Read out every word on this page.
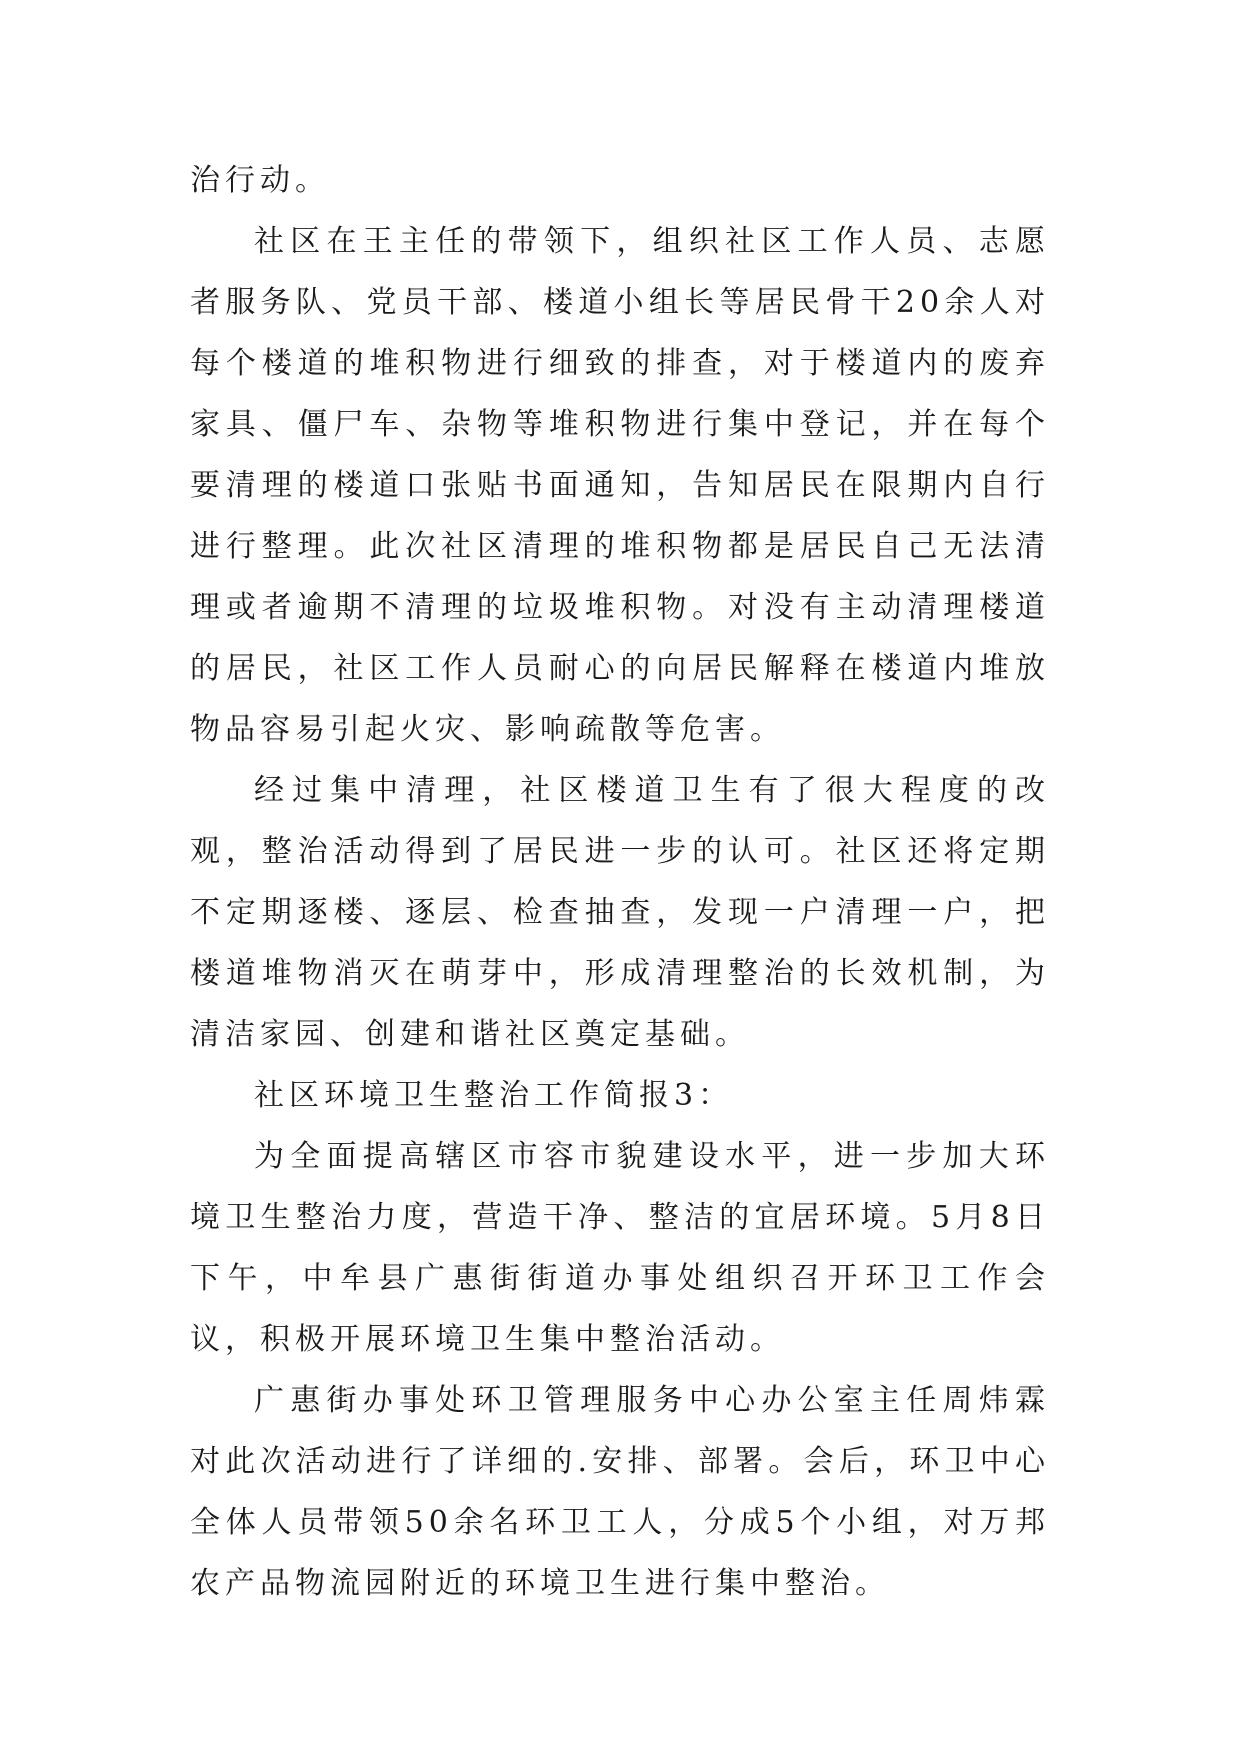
治行动。

社区在王主任的带领下，组织社区工作人员、志愿者服务队、党员干部、楼道小组长等居民骨干20余人对每个楼道的堆积物进行细致的排查，对于楼道内的废弃家具、僵尸车、杂物等堆积物进行集中登记，并在每个要清理的楼道口张贴书面通知，告知居民在限期内自行进行整理。此次社区清理的堆积物都是居民自己无法清理或者逾期不清理的垃圾堆积物。对没有主动清理楼道的居民，社区工作人员耐心的向居民解释在楼道内堆放物品容易引起火灾、影响疏散等危害。

经过集中清理，社区楼道卫生有了很大程度的改观，整治活动得到了居民进一步的认可。社区还将定期不定期逐楼、逐层、检查抽查，发现一户清理一户，把楼道堆物消灭在萌芽中，形成清理整治的长效机制，为清洁家园、创建和谐社区奠定基础。

社区环境卫生整治工作简报3：

为全面提高辖区市容市貌建设水平，进一步加大环境卫生整治力度，营造干净、整洁的宜居环境。5月8日下午，中牟县广惠街街道办事处组织召开环卫工作会议，积极开展环境卫生集中整治活动。

广惠街办事处环卫管理服务中心办公室主任周炜霖对此次活动进行了详细的.安排、部署。会后，环卫中心全体人员带领50余名环卫工人，分成5个小组，对万邦农产品物流园附近的环境卫生进行集中整治。
